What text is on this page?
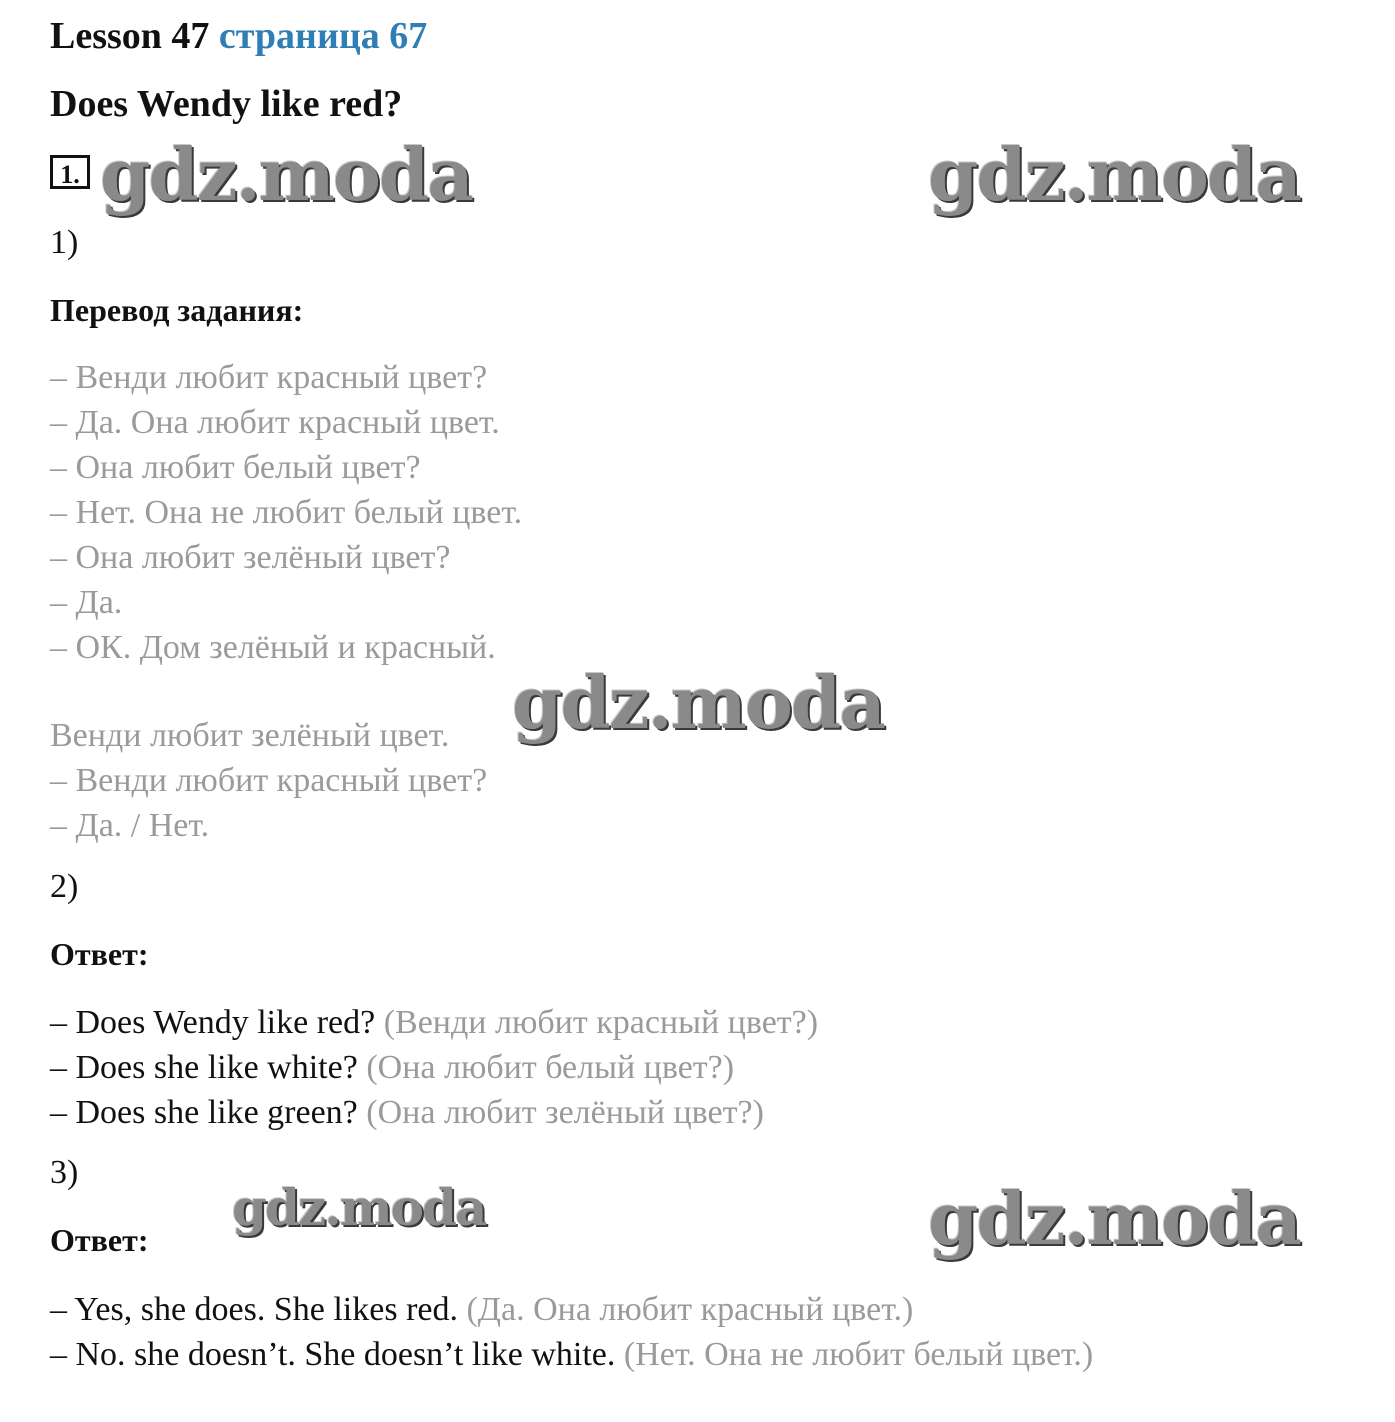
Lesson 47 страница 67
Does Wendy like red?
1. gdz.moda	gdz.moda
1)
Перевод задания:
– Венди любит красный цвет?
– Да. Она любит красный цвет.
– Она любит белый цвет?
– Нет. Она не любит белый цвет.
– Она любит зелёный цвет?
– Да.
– ОК. Дом зелёный и красный.
Венди любит зелёный цвет.
– Венди любит красный цвет?
– Да. / Нет.
gdz.moda
2)
Ответ:
– Does Wendy like red? (Венди любит красный цвет?)
– Does she like white? (Она любит белый цвет?)
– Does she like green? (Она любит зелёный цвет?)
3)
Ответ:
gdz.moda	gdz.moda
– Yes, she does. She likes red. (Да. Она любит красный цвет.)
– No. she doesn’t. She doesn’t like white. (Нет. Она не любит белый цвет.)
